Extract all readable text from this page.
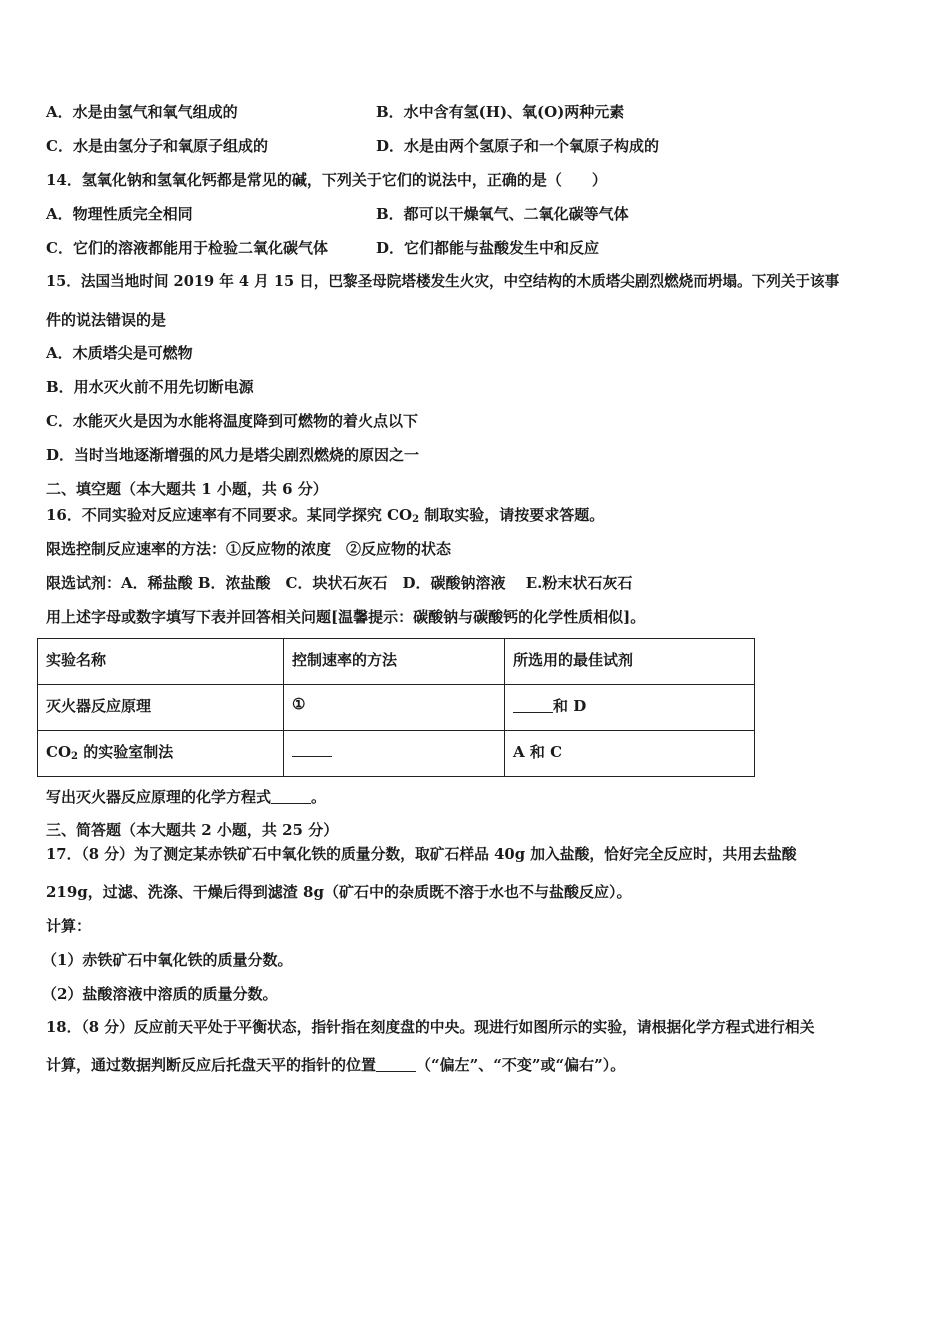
A．水是由氢气和氧气组成的	B．水中含有氢(H)、氧(O)两种元素
C．水是由氢分子和氧原子组成的	D．水是由两个氢原子和一个氧原子构成的
14．氢氧化钠和氢氧化钙都是常见的碱，下列关于它们的说法中，正确的是（　　）
A．物理性质完全相同	B．都可以干燥氧气、二氧化碳等气体
C．它们的溶液都能用于检验二氧化碳气体	D．它们都能与盐酸发生中和反应
15．法国当地时间 2019 年 4 月 15 日，巴黎圣母院塔楼发生火灾，中空结构的木质塔尖剧烈燃烧而坍塌。下列关于该事
件的说法错误的是
A．木质塔尖是可燃物
B．用水灭火前不用先切断电源
C．水能灭火是因为水能将温度降到可燃物的着火点以下
D．当时当地逐渐增强的风力是塔尖剧烈燃烧的原因之一
二、填空题（本大题共 1 小题，共 6 分）
16．不同实验对反应速率有不同要求。某同学探究 $CO_2$ 制取实验，请按要求答题。
限选控制反应速率的方法：①反应物的浓度　②反应物的状态
限选试剂：A．稀盐酸 B．浓盐酸　C．块状石灰石　D．碳酸钠溶液　 E.粉末状石灰石
用上述字母或数字填写下表并回答相关问题[温馨提示：碳酸钠与碳酸钙的化学性质相似]。
实验名称	控制速率的方法	所选用的最佳试剂
灭火器反应原理	①	和 D
$CO_2$ 的实验室制法		A 和 C
写出灭火器反应原理的化学方程式	。
三、简答题（本大题共 2 小题，共 25 分）
17．（8 分）为了测定某赤铁矿石中氧化铁的质量分数，取矿石样品 40g 加入盐酸，恰好完全反应时，共用去盐酸
219g，过滤、洗涤、干燥后得到滤渣 8g（矿石中的杂质既不溶于水也不与盐酸反应）。
计算：
（1）赤铁矿石中氧化铁的质量分数。
（2）盐酸溶液中溶质的质量分数。
18．（8 分）反应前天平处于平衡状态，指针指在刻度盘的中央。现进行如图所示的实验，请根据化学方程式进行相关
计算，通过数据判断反应后托盘天平的指针的位置	（“偏左”、“不变”或“偏右”）。
